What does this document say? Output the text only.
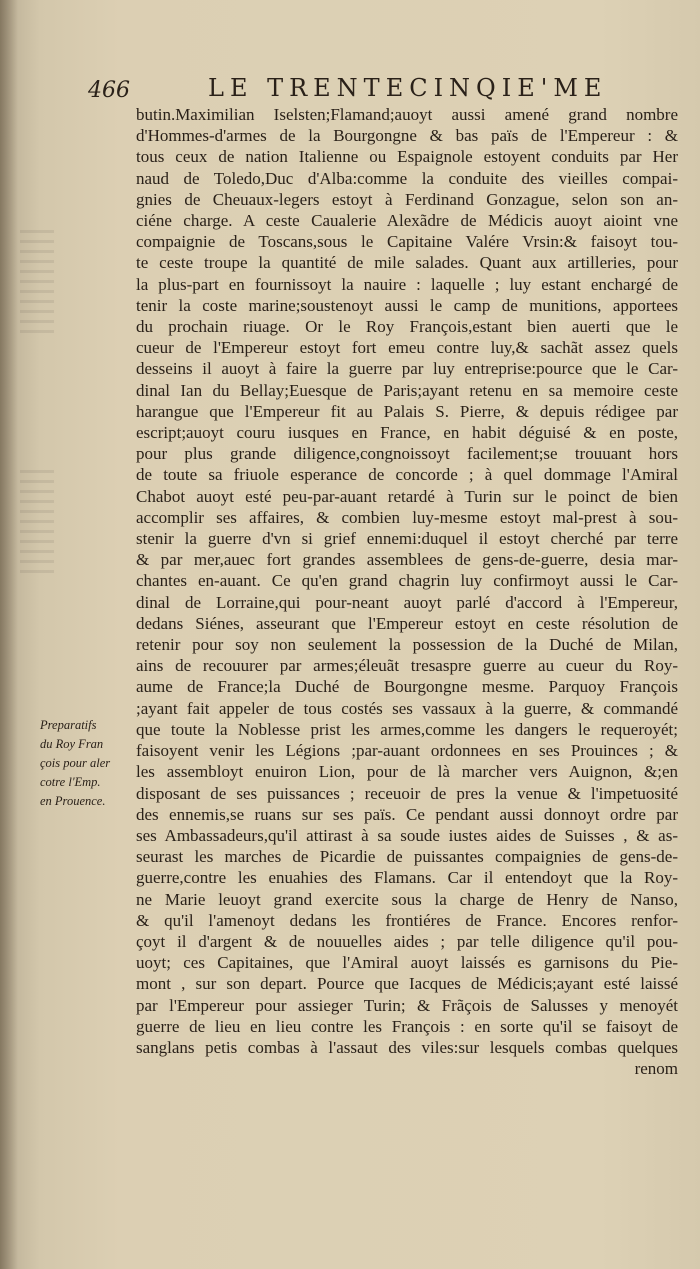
466	LE TRENTECINQIE'ME
Preparatifs
du Roy Fran
çois pour aler
cotre l'Emp.
en Prouence.
butin.Maximilian Iselsten;Flamand;auoyt aussi amené grand nombre
d'Hommes-d'armes de la Bourgongne & bas païs de l'Empereur : &
tous ceux de nation Italienne ou Espaignole estoyent conduits par Her
naud de Toledo,Duc d'Alba:comme la conduite des vieilles compai-
gnies de Cheuaux-legers estoyt à Ferdinand Gonzague, selon son an-
ciéne charge. A ceste Caualerie Alexãdre de Médicis auoyt aioint vne
compaignie de Toscans,sous le Capitaine Valére Vrsin:& faisoyt tou-
te ceste troupe la quantité de mile salades. Quant aux artilleries, pour
la plus-part en fournissoyt la nauire : laquelle ; luy estant enchargé de
tenir la coste marine;soustenoyt aussi le camp de munitions, apportees
du prochain riuage. Or le Roy François,estant bien auerti que le
cueur de l'Empereur estoyt fort emeu contre luy,& sachãt assez quels
desseins il auoyt à faire la guerre par luy entreprise:pource que le Car-
dinal Ian du Bellay;Euesque de Paris;ayant retenu en sa memoire ceste
harangue que l'Empereur fit au Palais S. Pierre, & depuis rédigee par
escript;auoyt couru iusques en France, en habit déguisé & en poste,
pour plus grande diligence,congnoissoyt facilement;se trouuant hors
de toute sa friuole esperance de concorde ; à quel dommage l'Amiral
Chabot auoyt esté peu-par-auant retardé à Turin sur le poinct de bien
accomplir ses affaires, & combien luy-mesme estoyt mal-prest à sou-
stenir la guerre d'vn si grief ennemi:duquel il estoyt cherché par terre
& par mer,auec fort grandes assemblees de gens-de-guerre, desia mar-
chantes en-auant. Ce qu'en grand chagrin luy confirmoyt aussi le Car-
dinal de Lorraine,qui pour-neant auoyt parlé d'accord à l'Empereur,
dedans Siénes, asseurant que l'Empereur estoyt en ceste résolution de
retenir pour soy non seulement la possession de la Duché de Milan,
ains de recouurer par armes;éleuãt tresaspre guerre au cueur du Roy-
aume de France;la Duché de Bourgongne mesme. Parquoy François
;ayant fait appeler de tous costés ses vassaux à la guerre, & commandé
que toute la Noblesse prist les armes,comme les dangers le requeroyét;
faisoyent venir les Légions ;par-auant ordonnees en ses Prouinces ; &
les assembloyt enuiron Lion, pour de là marcher vers Auignon, &;en
disposant de ses puissances ; receuoir de pres la venue & l'impetuosité
des ennemis,se ruans sur ses païs. Ce pendant aussi donnoyt ordre par
ses Ambassadeurs,qu'il attirast à sa soude iustes aides de Suisses , & as-
seurast les marches de Picardie de puissantes compaignies de gens-de-
guerre,contre les enuahies des Flamans. Car il entendoyt que la Roy-
ne Marie leuoyt grand exercite sous la charge de Henry de Nanso,
& qu'il l'amenoyt dedans les frontiéres de France. Encores renfor-
çoyt il d'argent & de nouuelles aides ; par telle diligence qu'il pou-
uoyt; ces Capitaines, que l'Amiral auoyt laissés es garnisons du Pie-
mont , sur son depart. Pource que Iacques de Médicis;ayant esté laissé
par l'Empereur pour assieger Turin; & Frãçois de Salusses y menoyét
guerre de lieu en lieu contre les François : en sorte qu'il se faisoyt de
sanglans petis combas à l'assaut des viles:sur lesquels combas quelques
renom
